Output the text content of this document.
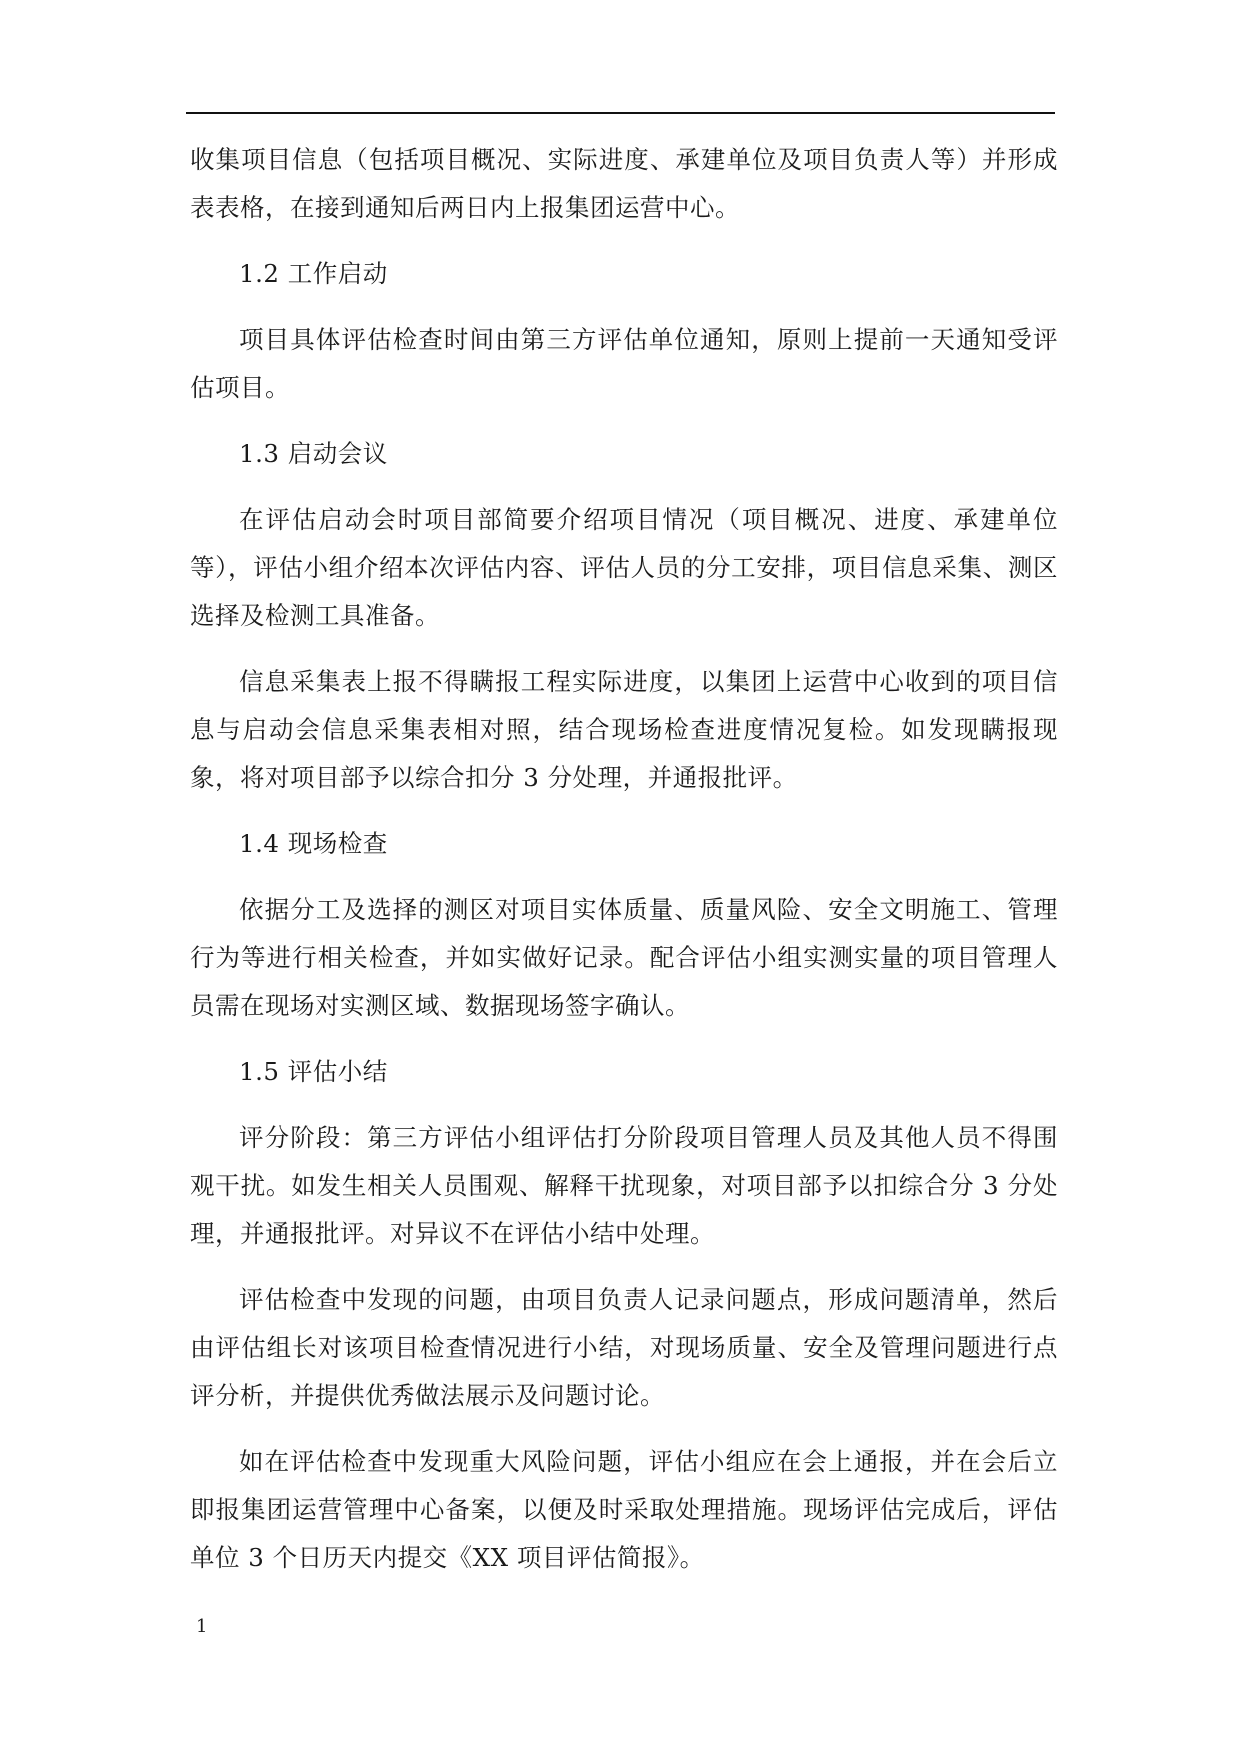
收集项目信息（包括项目概况、实际进度、承建单位及项目负责人等）并形成表表格，在接到通知后两日内上报集团运营中心。

1.2 工作启动

项目具体评估检查时间由第三方评估单位通知，原则上提前一天通知受评估项目。

1.3 启动会议

在评估启动会时项目部简要介绍项目情况（项目概况、进度、承建单位等），评估小组介绍本次评估内容、评估人员的分工安排，项目信息采集、测区选择及检测工具准备。

信息采集表上报不得瞒报工程实际进度，以集团上运营中心收到的项目信息与启动会信息采集表相对照，结合现场检查进度情况复检。如发现瞒报现象，将对项目部予以综合扣分 3 分处理，并通报批评。

1.4 现场检查

依据分工及选择的测区对项目实体质量、质量风险、安全文明施工、管理行为等进行相关检查，并如实做好记录。配合评估小组实测实量的项目管理人员需在现场对实测区域、数据现场签字确认。

1.5 评估小结

评分阶段：第三方评估小组评估打分阶段项目管理人员及其他人员不得围观干扰。如发生相关人员围观、解释干扰现象，对项目部予以扣综合分 3 分处理，并通报批评。对异议不在评估小结中处理。

评估检查中发现的问题，由项目负责人记录问题点，形成问题清单，然后由评估组长对该项目检查情况进行小结，对现场质量、安全及管理问题进行点评分析，并提供优秀做法展示及问题讨论。

如在评估检查中发现重大风险问题，评估小组应在会上通报，并在会后立即报集团运营管理中心备案，以便及时采取处理措施。现场评估完成后，评估单位 3 个日历天内提交《XX 项目评估简报》。

1
